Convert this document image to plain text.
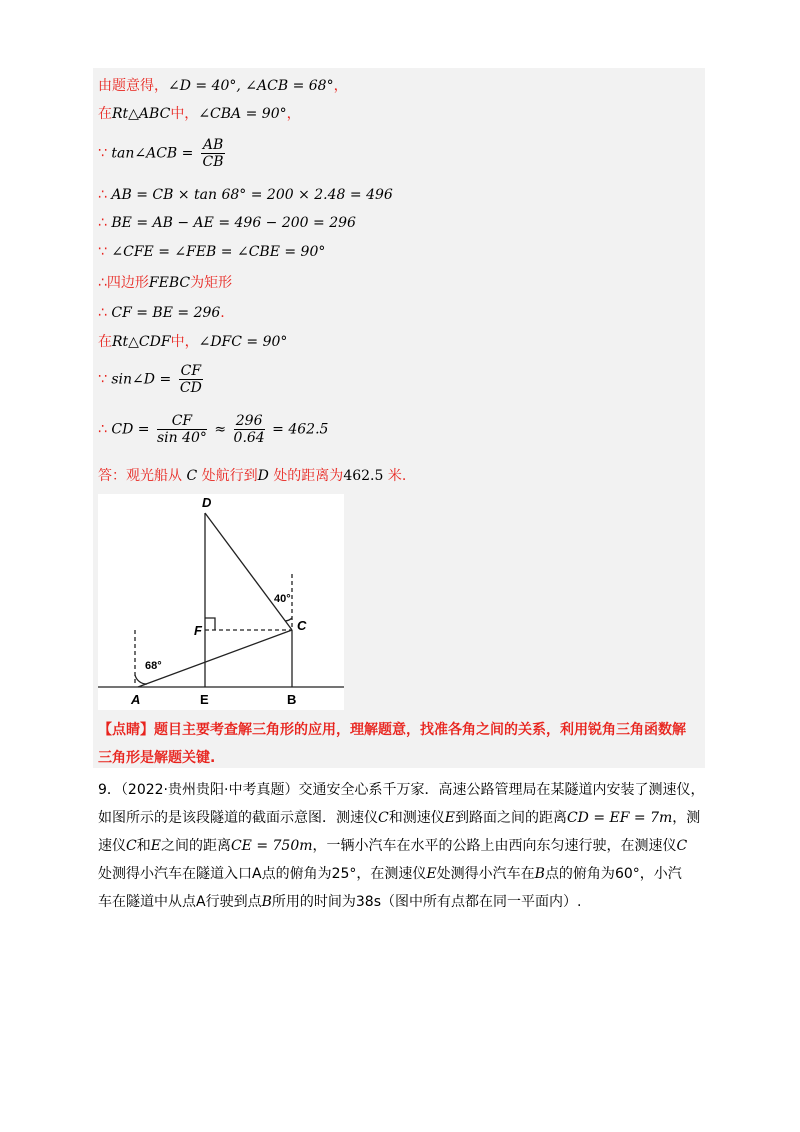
由题意得，∠D = 40°, ∠ACB = 68°，
在Rt△ABC中，∠CBA = 90°，
∵ tan∠ACB = $\frac{AB}{CB}$
∴ AB = CB × tan 68° = 200 × 2.48 = 496
∴ BE = AB − AE = 496 − 200 = 296
∵ ∠CFE = ∠FEB = ∠CBE = 90°
∴四边形FEBC为矩形
∴ CF = BE = 296.
在Rt△CDF中，∠DFC = 90°
∵ sin∠D = $\frac{CF}{CD}$
∴ CD = $\frac{CF}{\sin 40^\circ} \approx \frac{296}{0.64} = 462.5$
答：观光船从 C 处航行到D 处的距离为462.5 米.
D
F	C
A	E	B
68°
40°
【点睛】题目主要考查解三角形的应用，理解题意，找准各角之间的关系，利用锐角三角函数解
三角形是解题关键.
9．（2022·贵州贵阳·中考真题）交通安全心系千万家．高速公路管理局在某隧道内安装了测速仪，
如图所示的是该段隧道的截面示意图．测速仪C和测速仪E到路面之间的距离CD = EF = 7m，测
速仪C和E之间的距离CE = 750m，一辆小汽车在水平的公路上由西向东匀速行驶，在测速仪C
处测得小汽车在隧道入口A点的俯角为25°，在测速仪E处测得小汽车在B点的俯角为60°，小汽
车在隧道中从点A行驶到点B所用的时间为38s（图中所有点都在同一平面内）.
